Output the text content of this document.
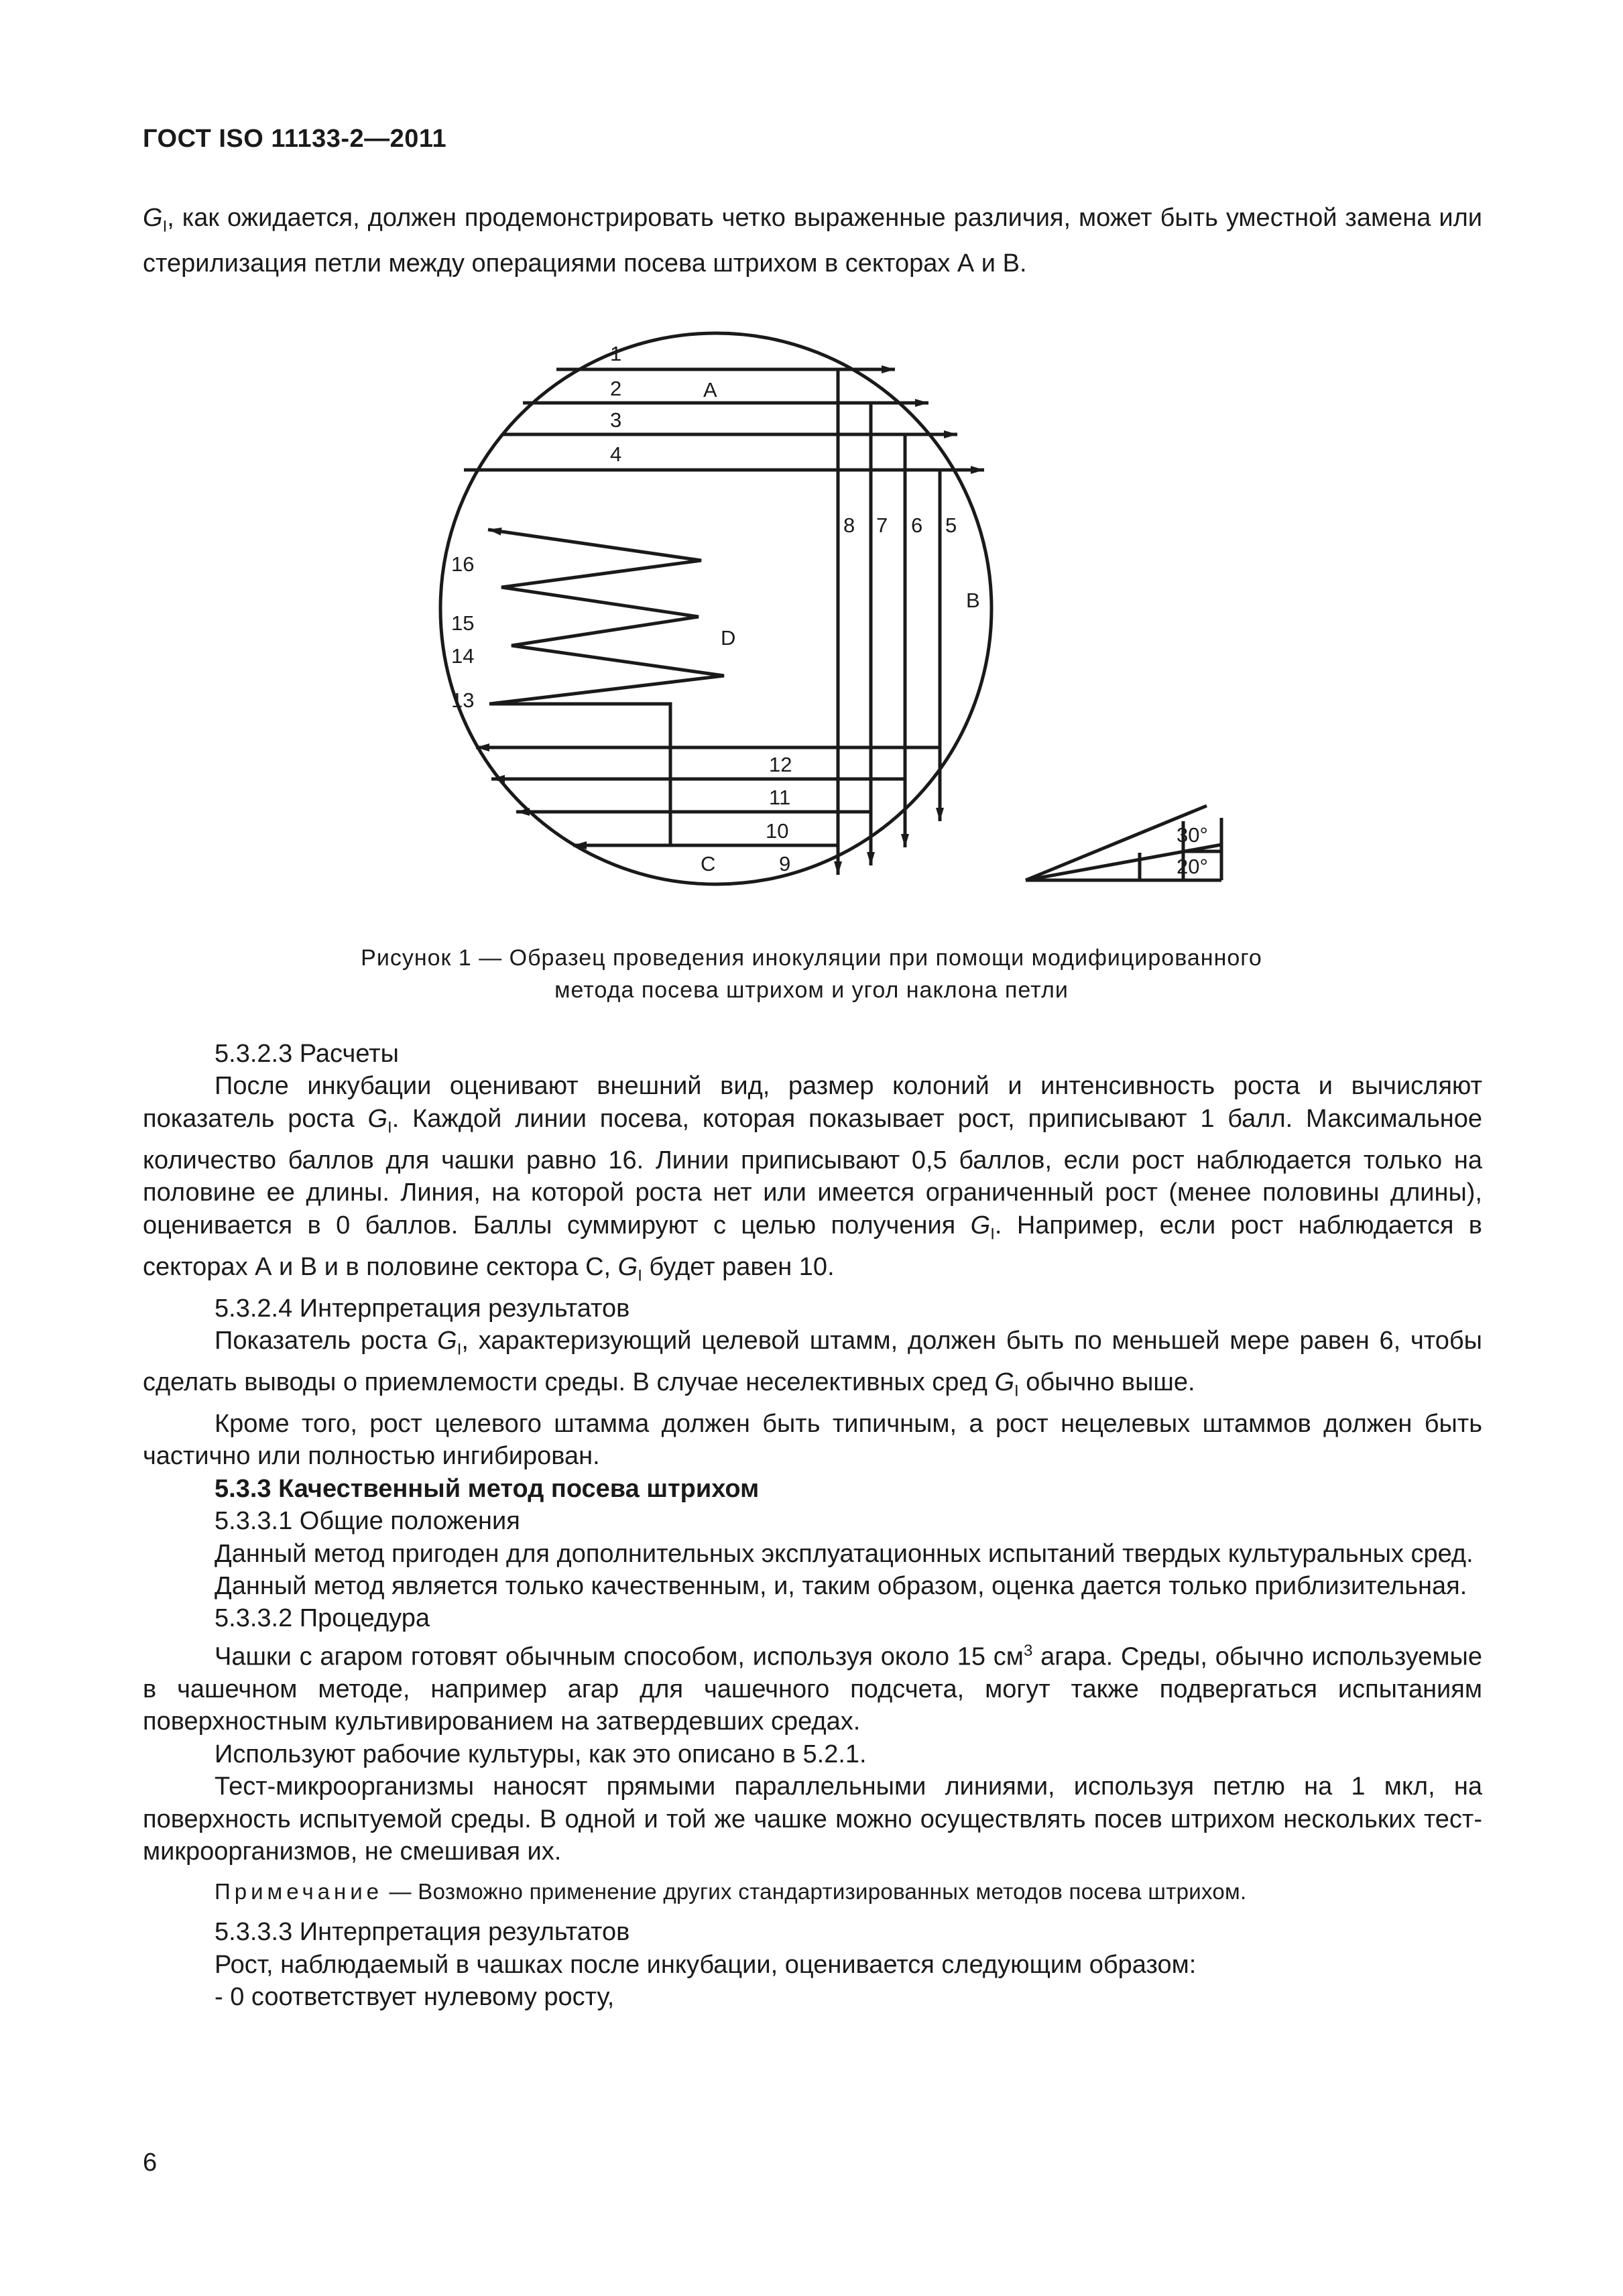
ГОСТ ISO 11133-2—2011

$G_I$, как ожидается, должен продемонстрировать четко выраженные различия, может быть уместной замена или стерилизация петли между операциями посева штрихом в секторах А и В.

1
2
3
4
5
6
7
8
9
10
11
12
13
14
15
16
A
B
C
D
30°
20°
Рисунок 1 — Образец проведения инокуляции при помощи модифицированного
метода посева штрихом и угол наклона петли

5.3.2.3 Расчеты

После инкубации оценивают внешний вид, размер колоний и интенсивность роста и вычисляют показатель роста $G_I$. Каждой линии посева, которая показывает рост, приписывают 1 балл. Максимальное количество баллов для чашки равно 16. Линии приписывают 0,5 баллов, если рост наблюдается только на половине ее длины. Линия, на которой роста нет или имеется ограниченный рост (менее половины длины), оценивается в 0 баллов. Баллы суммируют с целью получения $G_I$. Например, если рост наблюдается в секторах А и В и в половине сектора С, $G_I$ будет равен 10.

5.3.2.4 Интерпретация результатов

Показатель роста $G_I$, характеризующий целевой штамм, должен быть по меньшей мере равен 6, чтобы сделать выводы о приемлемости среды. В случае неселективных сред $G_I$ обычно выше.

Кроме того, рост целевого штамма должен быть типичным, а рост нецелевых штаммов должен быть частично или полностью ингибирован.

5.3.3 Качественный метод посева штрихом

5.3.3.1 Общие положения

Данный метод пригоден для дополнительных эксплуатационных испытаний твердых культуральных сред.

Данный метод является только качественным, и, таким образом, оценка дается только приблизительная.

5.3.3.2 Процедура

Чашки с агаром готовят обычным способом, используя около 15 $см^3$ агара. Среды, обычно используемые в чашечном методе, например агар для чашечного подсчета, могут также подвергаться испытаниям поверхностным культивированием на затвердевших средах.

Используют рабочие культуры, как это описано в 5.2.1.

Тест-микроорганизмы наносят прямыми параллельными линиями, используя петлю на 1 мкл, на поверхность испытуемой среды. В одной и той же чашке можно осуществлять посев штрихом нескольких тест-микроорганизмов, не смешивая их.

Примечание — Возможно применение других стандартизированных методов посева штрихом.

5.3.3.3 Интерпретация результатов

Рост, наблюдаемый в чашках после инкубации, оценивается следующим образом:

- 0 соответствует нулевому росту,

6
